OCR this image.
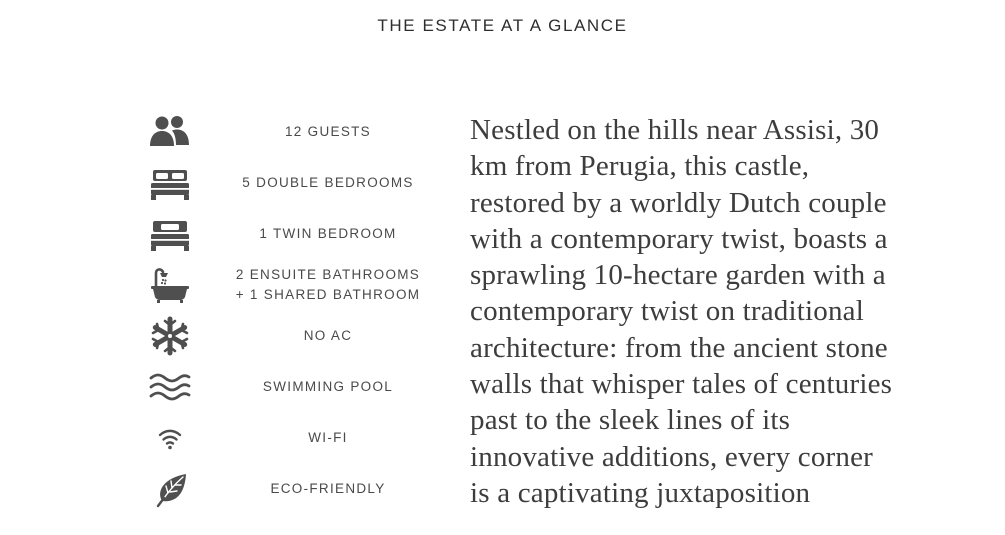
THE ESTATE AT A GLANCE
12 GUESTS
5 DOUBLE BEDROOMS
1 TWIN BEDROOM
2 ENSUITE BATHROOMS
+ 1 SHARED BATHROOM
NO AC
SWIMMING POOL
WI-FI
ECO-FRIENDLY

Nestled on the hills near Assisi, 30
km from Perugia, this castle,
restored by a worldly Dutch couple
with a contemporary twist, boasts a
sprawling 10-hectare garden with a
contemporary twist on traditional
architecture: from the ancient stone
walls that whisper tales of centuries
past to the sleek lines of its
innovative additions, every corner
is a captivating juxtaposition
